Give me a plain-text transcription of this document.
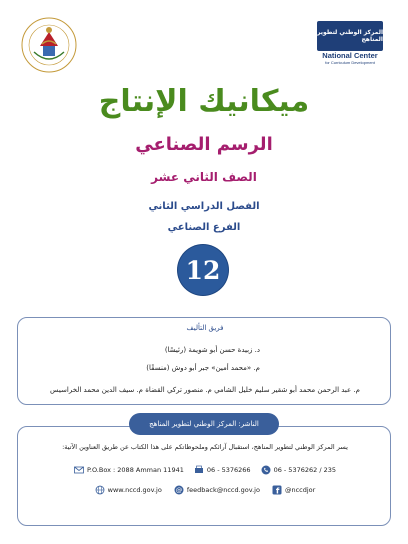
المركز الوطني لتطوير المناهج
National Center
for Curriculum Development
ميكانيك الإنتاج
الرسم الصناعي
الصف الثاني عشر
الفصل الدراسي الثاني
الفرع الصناعي
12
فريق التأليف
د. زبيدة حسن أبو شويمة (رئيسًا)
م. «محمد أمين» جبر أبو دوش (منسقًا)
م. عبد الرحمن محمد أبو شقير سليم خليل الشامي م. منصور تركي القضاة م. سيف الدين محمد الخراسيس
يسر المركز الوطني لتطوير المناهج، استقبال آرائكم وملحوظاتكم على هذا الكتاب عن طريق العناوين الآتية:
P.O.Box : 2088 Amman 11941	06 - 5376266	06 - 5376262 / 235
www.nccd.gov.jo @ feedback@nccd.gov.jo f @nccdjor
الناشر: المركز الوطني لتطوير المناهج
